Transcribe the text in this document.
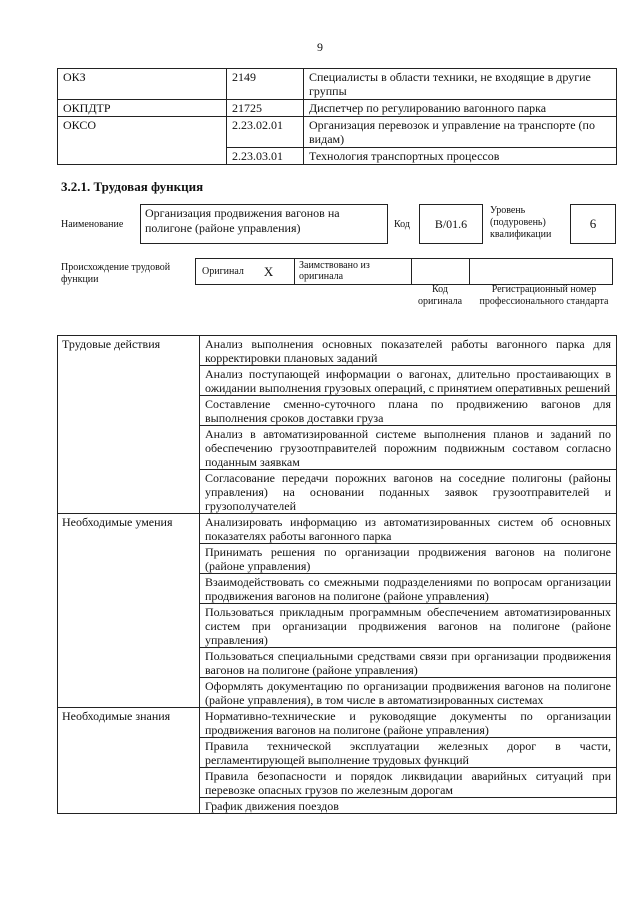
9
ОКЗ	2149	Специалисты в области техники, не входящие в другие группы
ОКПДТР	21725	Диспетчер по регулированию вагонного парка
ОКСО	2.23.02.01	Организация перевозок и управление на транспорте (по видам)
	2.23.03.01	Технология транспортных процессов
3.2.1. Трудовая функция
Наименование
Организация продвижения вагонов на полигоне (районе управления)	Код В/01.6
Уровень (подуровень) квалификации
6
Происхождение трудовой функции
Оригинал X	Заимствовано из оригинала
Код оригинала
Регистрационный номер профессионального стандарта
Трудовые действия	Анализ выполнения основных показателей работы вагонного парка для корректировки плановых заданий
	Анализ поступающей информации о вагонах, длительно простаивающих в ожидании выполнения грузовых операций, с принятием оперативных решений
	Составление сменно-суточного плана по продвижению вагонов для выполнения сроков доставки груза
	Анализ в автоматизированной системе выполнения планов и заданий по обеспечению грузоотправителей порожним подвижным составом согласно поданным заявкам
	Согласование передачи порожних вагонов на соседние полигоны (районы управления) на основании поданных заявок грузоотправителей и грузополучателей
Необходимые умения	Анализировать информацию из автоматизированных систем об основных показателях работы вагонного парка
	Принимать решения по организации продвижения вагонов на полигоне (районе управления)
	Взаимодействовать со смежными подразделениями по вопросам организации продвижения вагонов на полигоне (районе управления)
	Пользоваться прикладным программным обеспечением автоматизированных систем при организации продвижения вагонов на полигоне (районе управления)
	Пользоваться специальными средствами связи при организации продвижения вагонов на полигоне (районе управления)
	Оформлять документацию по организации продвижения вагонов на полигоне (районе управления), в том числе в автоматизированных системах
Необходимые знания	Нормативно-технические и руководящие документы по организации продвижения вагонов на полигоне (районе управления)
	Правила технической эксплуатации железных дорог в части, регламентирующей выполнение трудовых функций
	Правила безопасности и порядок ликвидации аварийных ситуаций при перевозке опасных грузов по железным дорогам
	График движения поездов
